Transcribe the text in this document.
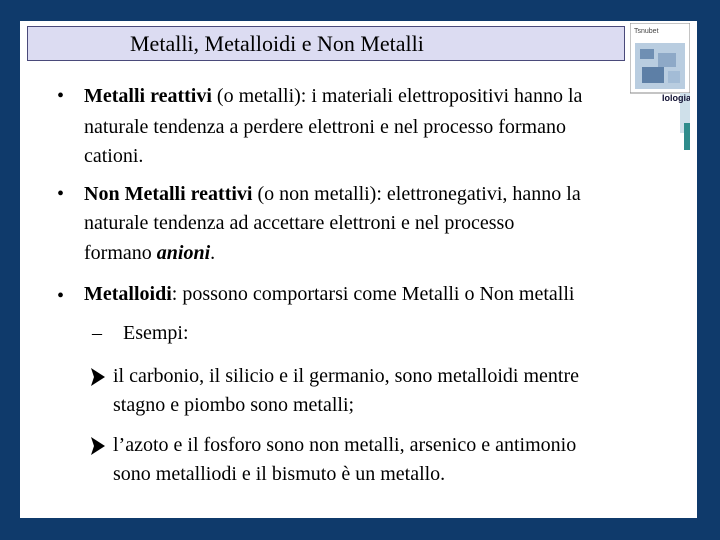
Metalli, Metalloidi e Non Metalli	Tsnubet
Iologia
• Metalli reattivi (o metalli): i materiali elettropositivi hanno la

naturale tendenza a perdere elettroni e nel processo formano

cationi.

• Non Metalli reattivi (o non metalli): elettronegativi, hanno la

naturale tendenza ad accettare elettroni e nel processo

formano anioni.

• Metalloidi: possono comportarsi come Metalli o Non metalli

– Esempi:

il carbonio, il silicio e il germanio, sono metalloidi mentre

stagno e piombo sono metalli;

l’azoto e il fosforo sono non metalli, arsenico e antimonio

sono metalliodi e il bismuto è un metallo.
